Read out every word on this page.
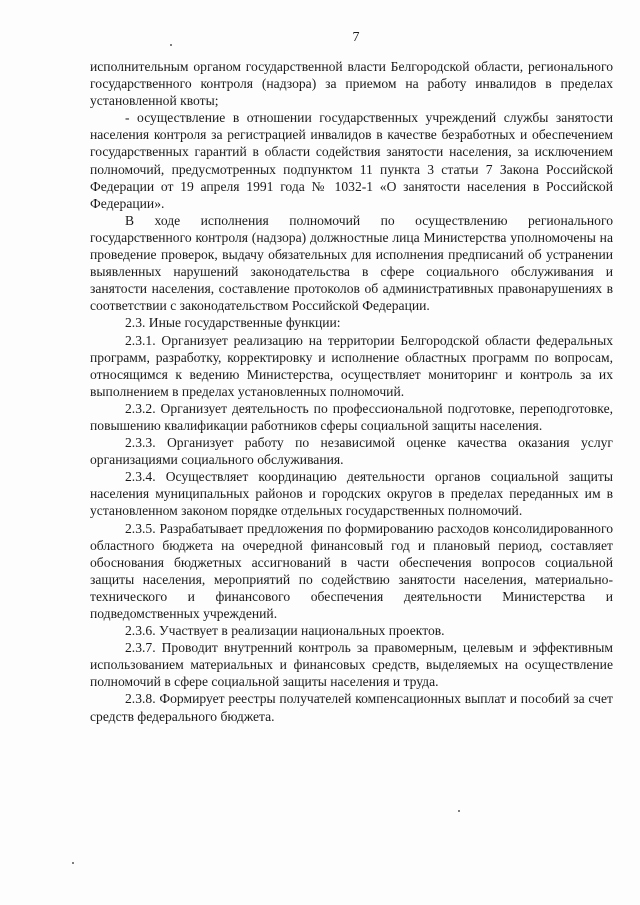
7

исполнительным органом государственной власти Белгородской области, регионального государственного контроля (надзора) за приемом на работу инвалидов в пределах установленной квоты;

- осуществление в отношении государственных учреждений службы занятости населения контроля за регистрацией инвалидов в качестве безработных и обеспечением государственных гарантий в области содействия занятости населения, за исключением полномочий, предусмотренных подпунктом 11 пункта 3 статьи 7 Закона Российской Федерации от 19 апреля 1991 года № 1032-1 «О занятости населения в Российской Федерации».

В ходе исполнения полномочий по осуществлению регионального государственного контроля (надзора) должностные лица Министерства уполномочены на проведение проверок, выдачу обязательных для исполнения предписаний об устранении выявленных нарушений законодательства в сфере социального обслуживания и занятости населения, составление протоколов об административных правонарушениях в соответствии с законодательством Российской Федерации.

2.3. Иные государственные функции:

2.3.1. Организует реализацию на территории Белгородской области федеральных программ, разработку, корректировку и исполнение областных программ по вопросам, относящимся к ведению Министерства, осуществляет мониторинг и контроль за их выполнением в пределах установленных полномочий.

2.3.2. Организует деятельность по профессиональной подготовке, переподготовке, повышению квалификации работников сферы социальной защиты населения.

2.3.3. Организует работу по независимой оценке качества оказания услуг организациями социального обслуживания.

2.3.4. Осуществляет координацию деятельности органов социальной защиты населения муниципальных районов и городских округов в пределах переданных им в установленном законом порядке отдельных государственных полномочий.

2.3.5. Разрабатывает предложения по формированию расходов консолидированного областного бюджета на очередной финансовый год и плановый период, составляет обоснования бюджетных ассигнований в части обеспечения вопросов социальной защиты населения, мероприятий по содействию занятости населения, материально-технического и финансового обеспечения деятельности Министерства и подведомственных учреждений.

2.3.6. Участвует в реализации национальных проектов.

2.3.7. Проводит внутренний контроль за правомерным, целевым и эффективным использованием материальных и финансовых средств, выделяемых на осуществление полномочий в сфере социальной защиты населения и труда.

2.3.8. Формирует реестры получателей компенсационных выплат и пособий за счет средств федерального бюджета.
